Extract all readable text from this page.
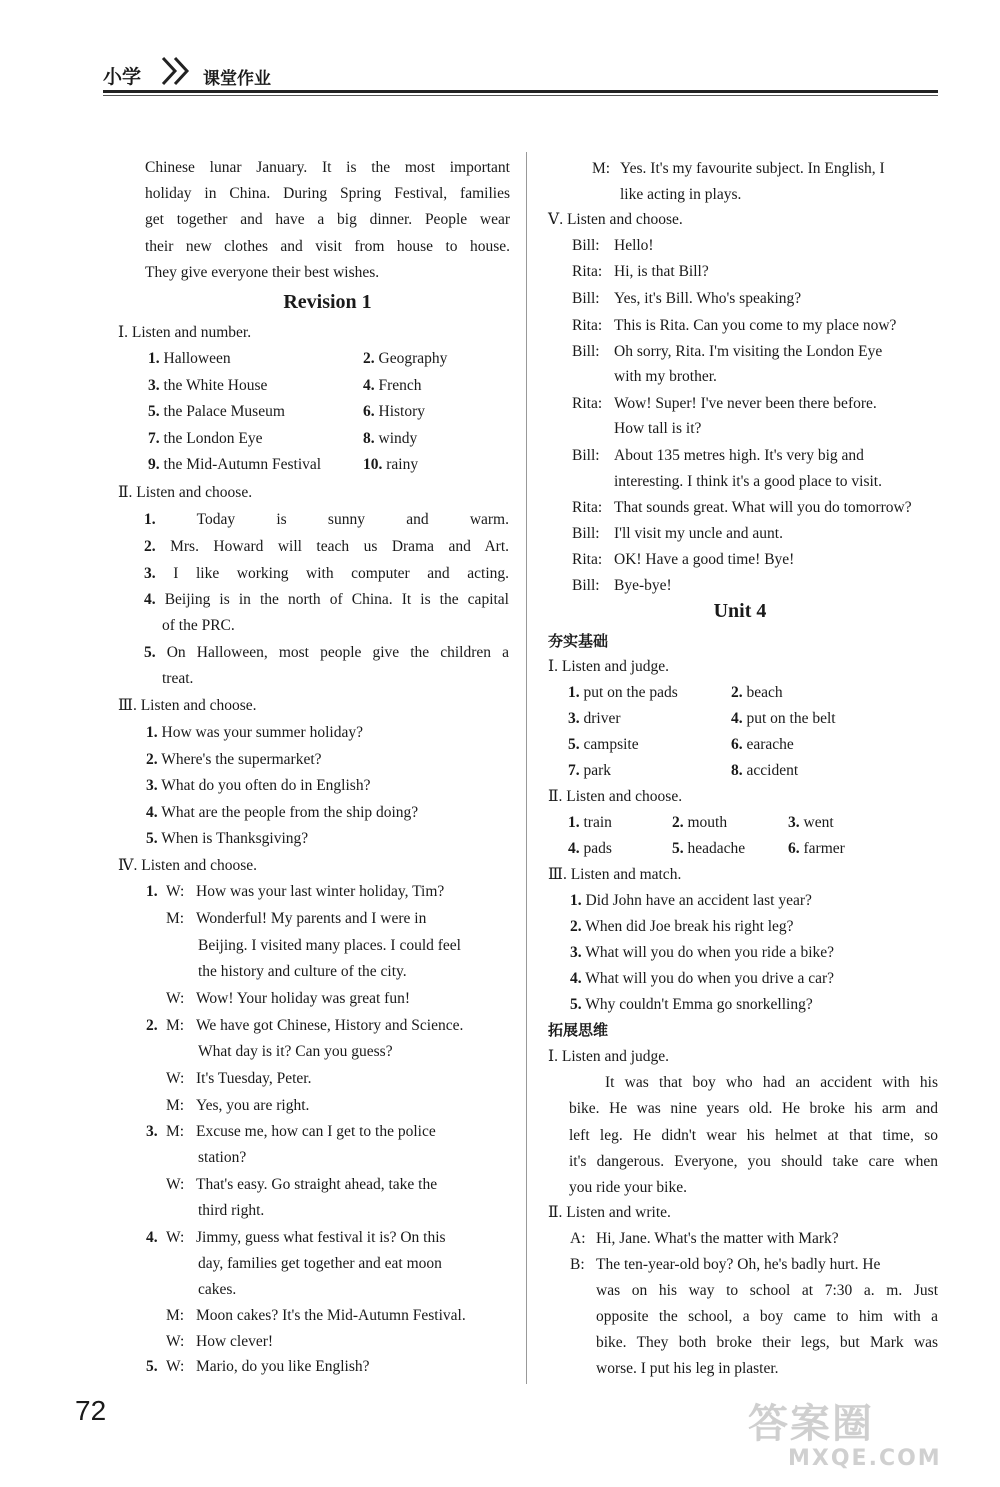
小学	课堂作业
Chinese lunar January. It is the most important
holiday in China. During Spring Festival, families
get together and have a big dinner. People wear
their new clothes and visit from house to house.
They give everyone their best wishes.
Revision 1
Ⅰ. Listen and number.
1. Halloween	2. Geography
3. the White House	4. French
5. the Palace Museum	6. History
7. the London Eye	8. windy
9. the Mid-Autumn Festival	10. rainy
Ⅱ. Listen and choose.
1.	Today is sunny and warm.
2. Mrs. Howard will teach us Drama and Art.
3. I like working with computer and acting.
4. Beijing is in the north of China. It is the capital
of the PRC.
5. On Halloween, most people give the children a
treat.
Ⅲ. Listen and choose.
1. How was your summer holiday?
2. Where's the supermarket?
3. What do you often do in English?
4. What are the people from the ship doing?
5. When is Thanksgiving?
Ⅳ. Listen and choose.
1. W: How was your last winter holiday, Tim?
M: Wonderful! My parents and I were in
Beijing. I visited many places. I could feel
the history and culture of the city.
W: Wow! Your holiday was great fun!
2. M: We have got Chinese, History and Science.
What day is it? Can you guess?
W: It's Tuesday, Peter.
M: Yes, you are right.
3. M: Excuse me, how can I get to the police
station?
W: That's easy. Go straight ahead, take the
third right.
4. W: Jimmy, guess what festival it is? On this
day, families get together and eat moon
cakes.
M: Moon cakes? It's the Mid-Autumn Festival.
W: How clever!
5. W: Mario, do you like English?
M: Yes. It's my favourite subject. In English, I
like acting in plays.
Ⅴ. Listen and choose.
Bill: Hello!
Rita: Hi, is that Bill?
Bill: Yes, it's Bill. Who's speaking?
Rita: This is Rita. Can you come to my place now?
Bill: Oh sorry, Rita. I'm visiting the London Eye
with my brother.
Rita: Wow! Super! I've never been there before.
How tall is it?
Bill: About 135 metres high. It's very big and
interesting. I think it's a good place to visit.
Rita: That sounds great. What will you do tomorrow?
Bill: I'll visit my uncle and aunt.
Rita: OK! Have a good time! Bye!
Bill: Bye-bye!
Unit 4
夯实基础
Ⅰ. Listen and judge.
1. put on the pads	2. beach
3. driver	4. put on the belt
5. campsite	6. earache
7. park	8. accident
Ⅱ. Listen and choose.
1. train	2. mouth	3. went
4. pads	5. headache	6. farmer
Ⅲ. Listen and match.
1. Did John have an accident last year?
2. When did Joe break his right leg?
3. What will you do when you ride a bike?
4. What will you do when you drive a car?
5. Why couldn't Emma go snorkelling?
拓展思维
Ⅰ. Listen and judge.
It was that boy who had an accident with his
bike. He was nine years old. He broke his arm and
left leg. He didn't wear his helmet at that time, so
it's dangerous. Everyone, you should take care when
you ride your bike.
Ⅱ. Listen and write.
A: Hi, Jane. What's the matter with Mark?
B: The ten-year-old boy? Oh, he's badly hurt. He
was on his way to school at 7:30 a. m. Just
opposite the school, a boy came to him with a
bike. They both broke their legs, but Mark was
worse. I put his leg in plaster.
72	答案圈
MXQE.COM
